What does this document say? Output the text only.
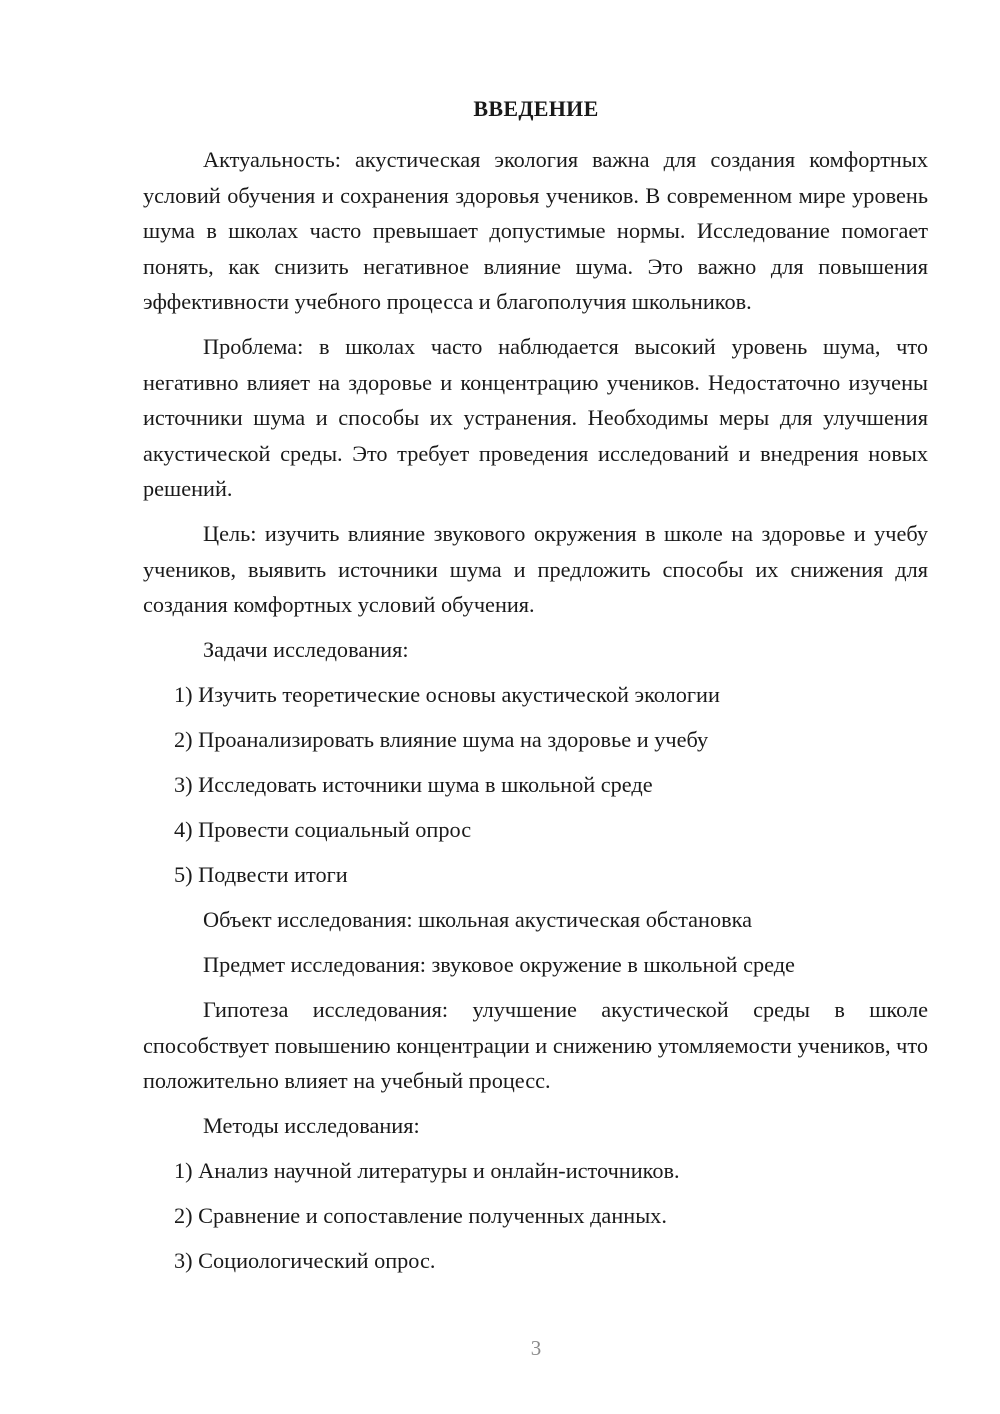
ВВЕДЕНИЕ

Актуальность: акустическая экология важна для создания комфортных условий обучения и сохранения здоровья учеников. В современном мире уровень шума в школах часто превышает допустимые нормы. Исследование помогает понять, как снизить негативное влияние шума. Это важно для повышения эффективности учебного процесса и благополучия школьников.

Проблема: в школах часто наблюдается высокий уровень шума, что негативно влияет на здоровье и концентрацию учеников. Недостаточно изучены источники шума и способы их устранения. Необходимы меры для улучшения акустической среды. Это требует проведения исследований и внедрения новых решений.

Цель: изучить влияние звукового окружения в школе на здоровье и учебу учеников, выявить источники шума и предложить способы их снижения для создания комфортных условий обучения.

Задачи исследования:

1) Изучить теоретические основы акустической экологии

2) Проанализировать влияние шума на здоровье и учебу

3) Исследовать источники шума в школьной среде

4) Провести социальный опрос

5) Подвести итоги

Объект исследования: школьная акустическая обстановка

Предмет исследования: звуковое окружение в школьной среде

Гипотеза исследования: улучшение акустической среды в школе способствует повышению концентрации и снижению утомляемости учеников, что положительно влияет на учебный процесс.

Методы исследования:

1) Анализ научной литературы и онлайн-источников.

2) Сравнение и сопоставление полученных данных.

3) Социологический опрос.

3
